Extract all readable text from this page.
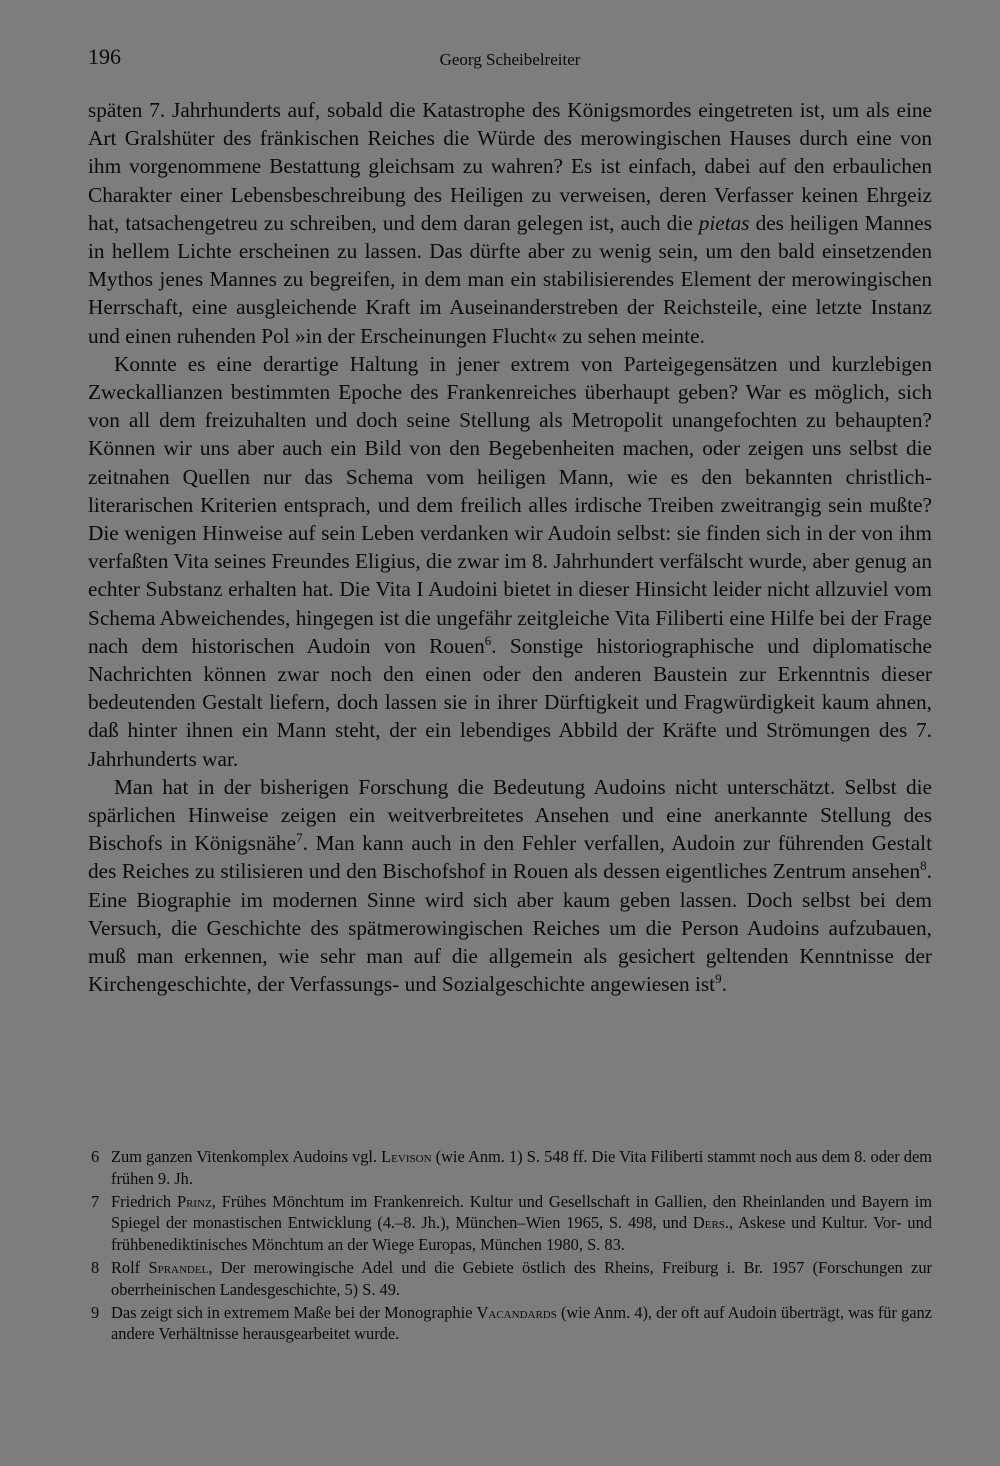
196	Georg Scheibelreiter

späten 7. Jahrhunderts auf, sobald die Katastrophe des Königsmordes eingetreten ist, um als eine Art Gralshüter des fränkischen Reiches die Würde des merowingischen Hauses durch eine von ihm vorgenommene Bestattung gleichsam zu wahren? Es ist einfach, dabei auf den erbaulichen Charakter einer Lebensbeschreibung des Heiligen zu verweisen, deren Verfasser keinen Ehrgeiz hat, tatsachengetreu zu schreiben, und dem daran gelegen ist, auch die pietas des heiligen Mannes in hellem Lichte erscheinen zu lassen. Das dürfte aber zu wenig sein, um den bald einsetzenden Mythos jenes Mannes zu begreifen, in dem man ein stabilisierendes Element der merowingischen Herrschaft, eine ausgleichende Kraft im Auseinanderstreben der Reichsteile, eine letzte Instanz und einen ruhenden Pol »in der Erscheinungen Flucht« zu sehen meinte.

Konnte es eine derartige Haltung in jener extrem von Parteigegensätzen und kurzlebigen Zweckallianzen bestimmten Epoche des Frankenreiches überhaupt geben? War es möglich, sich von all dem freizuhalten und doch seine Stellung als Metropolit unangefochten zu behaupten? Können wir uns aber auch ein Bild von den Begebenheiten machen, oder zeigen uns selbst die zeitnahen Quellen nur das Schema vom heiligen Mann, wie es den bekannten christlich-literarischen Kriterien entsprach, und dem freilich alles irdische Treiben zweitrangig sein mußte? Die wenigen Hinweise auf sein Leben verdanken wir Audoin selbst: sie finden sich in der von ihm verfaßten Vita seines Freundes Eligius, die zwar im 8. Jahrhundert verfälscht wurde, aber genug an echter Substanz erhalten hat. Die Vita I Audoini bietet in dieser Hinsicht leider nicht allzuviel vom Schema Abweichendes, hingegen ist die ungefähr zeitgleiche Vita Filiberti eine Hilfe bei der Frage nach dem historischen Audoin von Rouen$^6$. Sonstige historiographische und diplomatische Nachrichten können zwar noch den einen oder den anderen Baustein zur Erkenntnis dieser bedeutenden Gestalt liefern, doch lassen sie in ihrer Dürftigkeit und Fragwürdigkeit kaum ahnen, daß hinter ihnen ein Mann steht, der ein lebendiges Abbild der Kräfte und Strömungen des 7. Jahrhunderts war.

Man hat in der bisherigen Forschung die Bedeutung Audoins nicht unterschätzt. Selbst die spärlichen Hinweise zeigen ein weitverbreitetes Ansehen und eine anerkannte Stellung des Bischofs in Königsnähe$^7$. Man kann auch in den Fehler verfallen, Audoin zur führenden Gestalt des Reiches zu stilisieren und den Bischofshof in Rouen als dessen eigentliches Zentrum ansehen$^8$. Eine Biographie im modernen Sinne wird sich aber kaum geben lassen. Doch selbst bei dem Versuch, die Geschichte des spätmerowingischen Reiches um die Person Audoins aufzubauen, muß man erkennen, wie sehr man auf die allgemein als gesichert geltenden Kenntnisse der Kirchengeschichte, der Verfassungs- und Sozialgeschichte angewiesen ist$^9$.

6 Zum ganzen Vitenkomplex Audoins vgl. Levison (wie Anm. 1) S. 548 ff. Die Vita Filiberti stammt noch aus dem 8. oder dem frühen 9. Jh.
7 Friedrich Prinz, Frühes Mönchtum im Frankenreich. Kultur und Gesellschaft in Gallien, den Rheinlanden und Bayern im Spiegel der monastischen Entwicklung (4.–8. Jh.), München–Wien 1965, S. 498, und Ders., Askese und Kultur. Vor- und frühbenediktinisches Mönchtum an der Wiege Europas, München 1980, S. 83.
8 Rolf Sprandel, Der merowingische Adel und die Gebiete östlich des Rheins, Freiburg i. Br. 1957 (Forschungen zur oberrheinischen Landesgeschichte, 5) S. 49.
9 Das zeigt sich in extremem Maße bei der Monographie Vacandards (wie Anm. 4), der oft auf Audoin überträgt, was für ganz andere Verhältnisse herausgearbeitet wurde.
